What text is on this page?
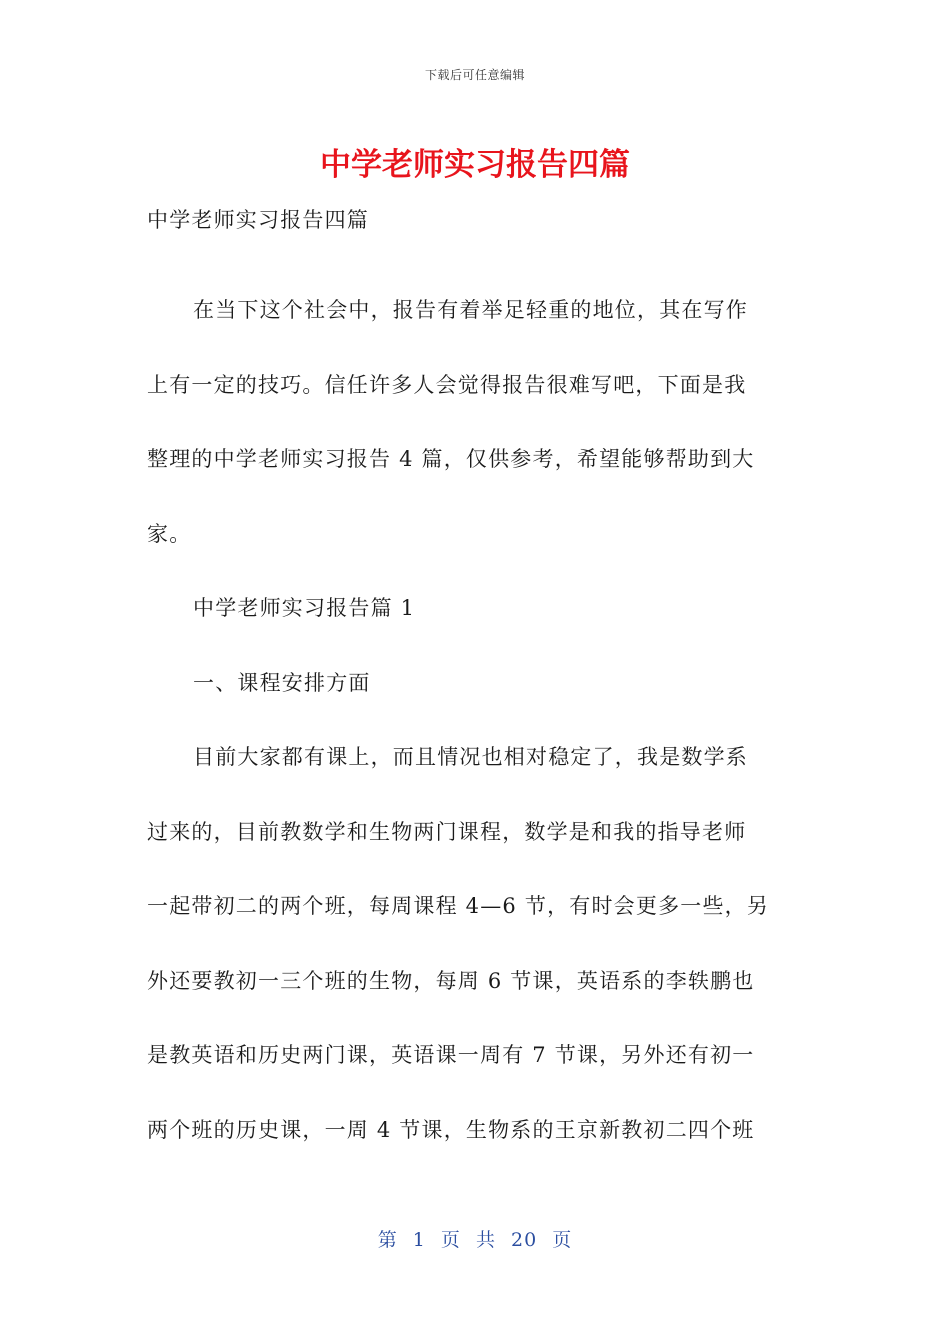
下载后可任意编辑
中学老师实习报告四篇
中学老师实习报告四篇
在当下这个社会中，报告有着举足轻重的地位，其在写作
上有一定的技巧。信任许多人会觉得报告很难写吧，下面是我
整理的中学老师实习报告 4 篇，仅供参考，希望能够帮助到大
家。
中学老师实习报告篇 1
一、课程安排方面
目前大家都有课上，而且情况也相对稳定了，我是数学系
过来的，目前教数学和生物两门课程，数学是和我的指导老师
一起带初二的两个班，每周课程 4—6 节，有时会更多一些，另
外还要教初一三个班的生物，每周 6 节课，英语系的李轶鹏也
是教英语和历史两门课，英语课一周有 7 节课，另外还有初一
两个班的历史课，一周 4 节课，生物系的王京新教初二四个班
第 1 页 共 20 页
